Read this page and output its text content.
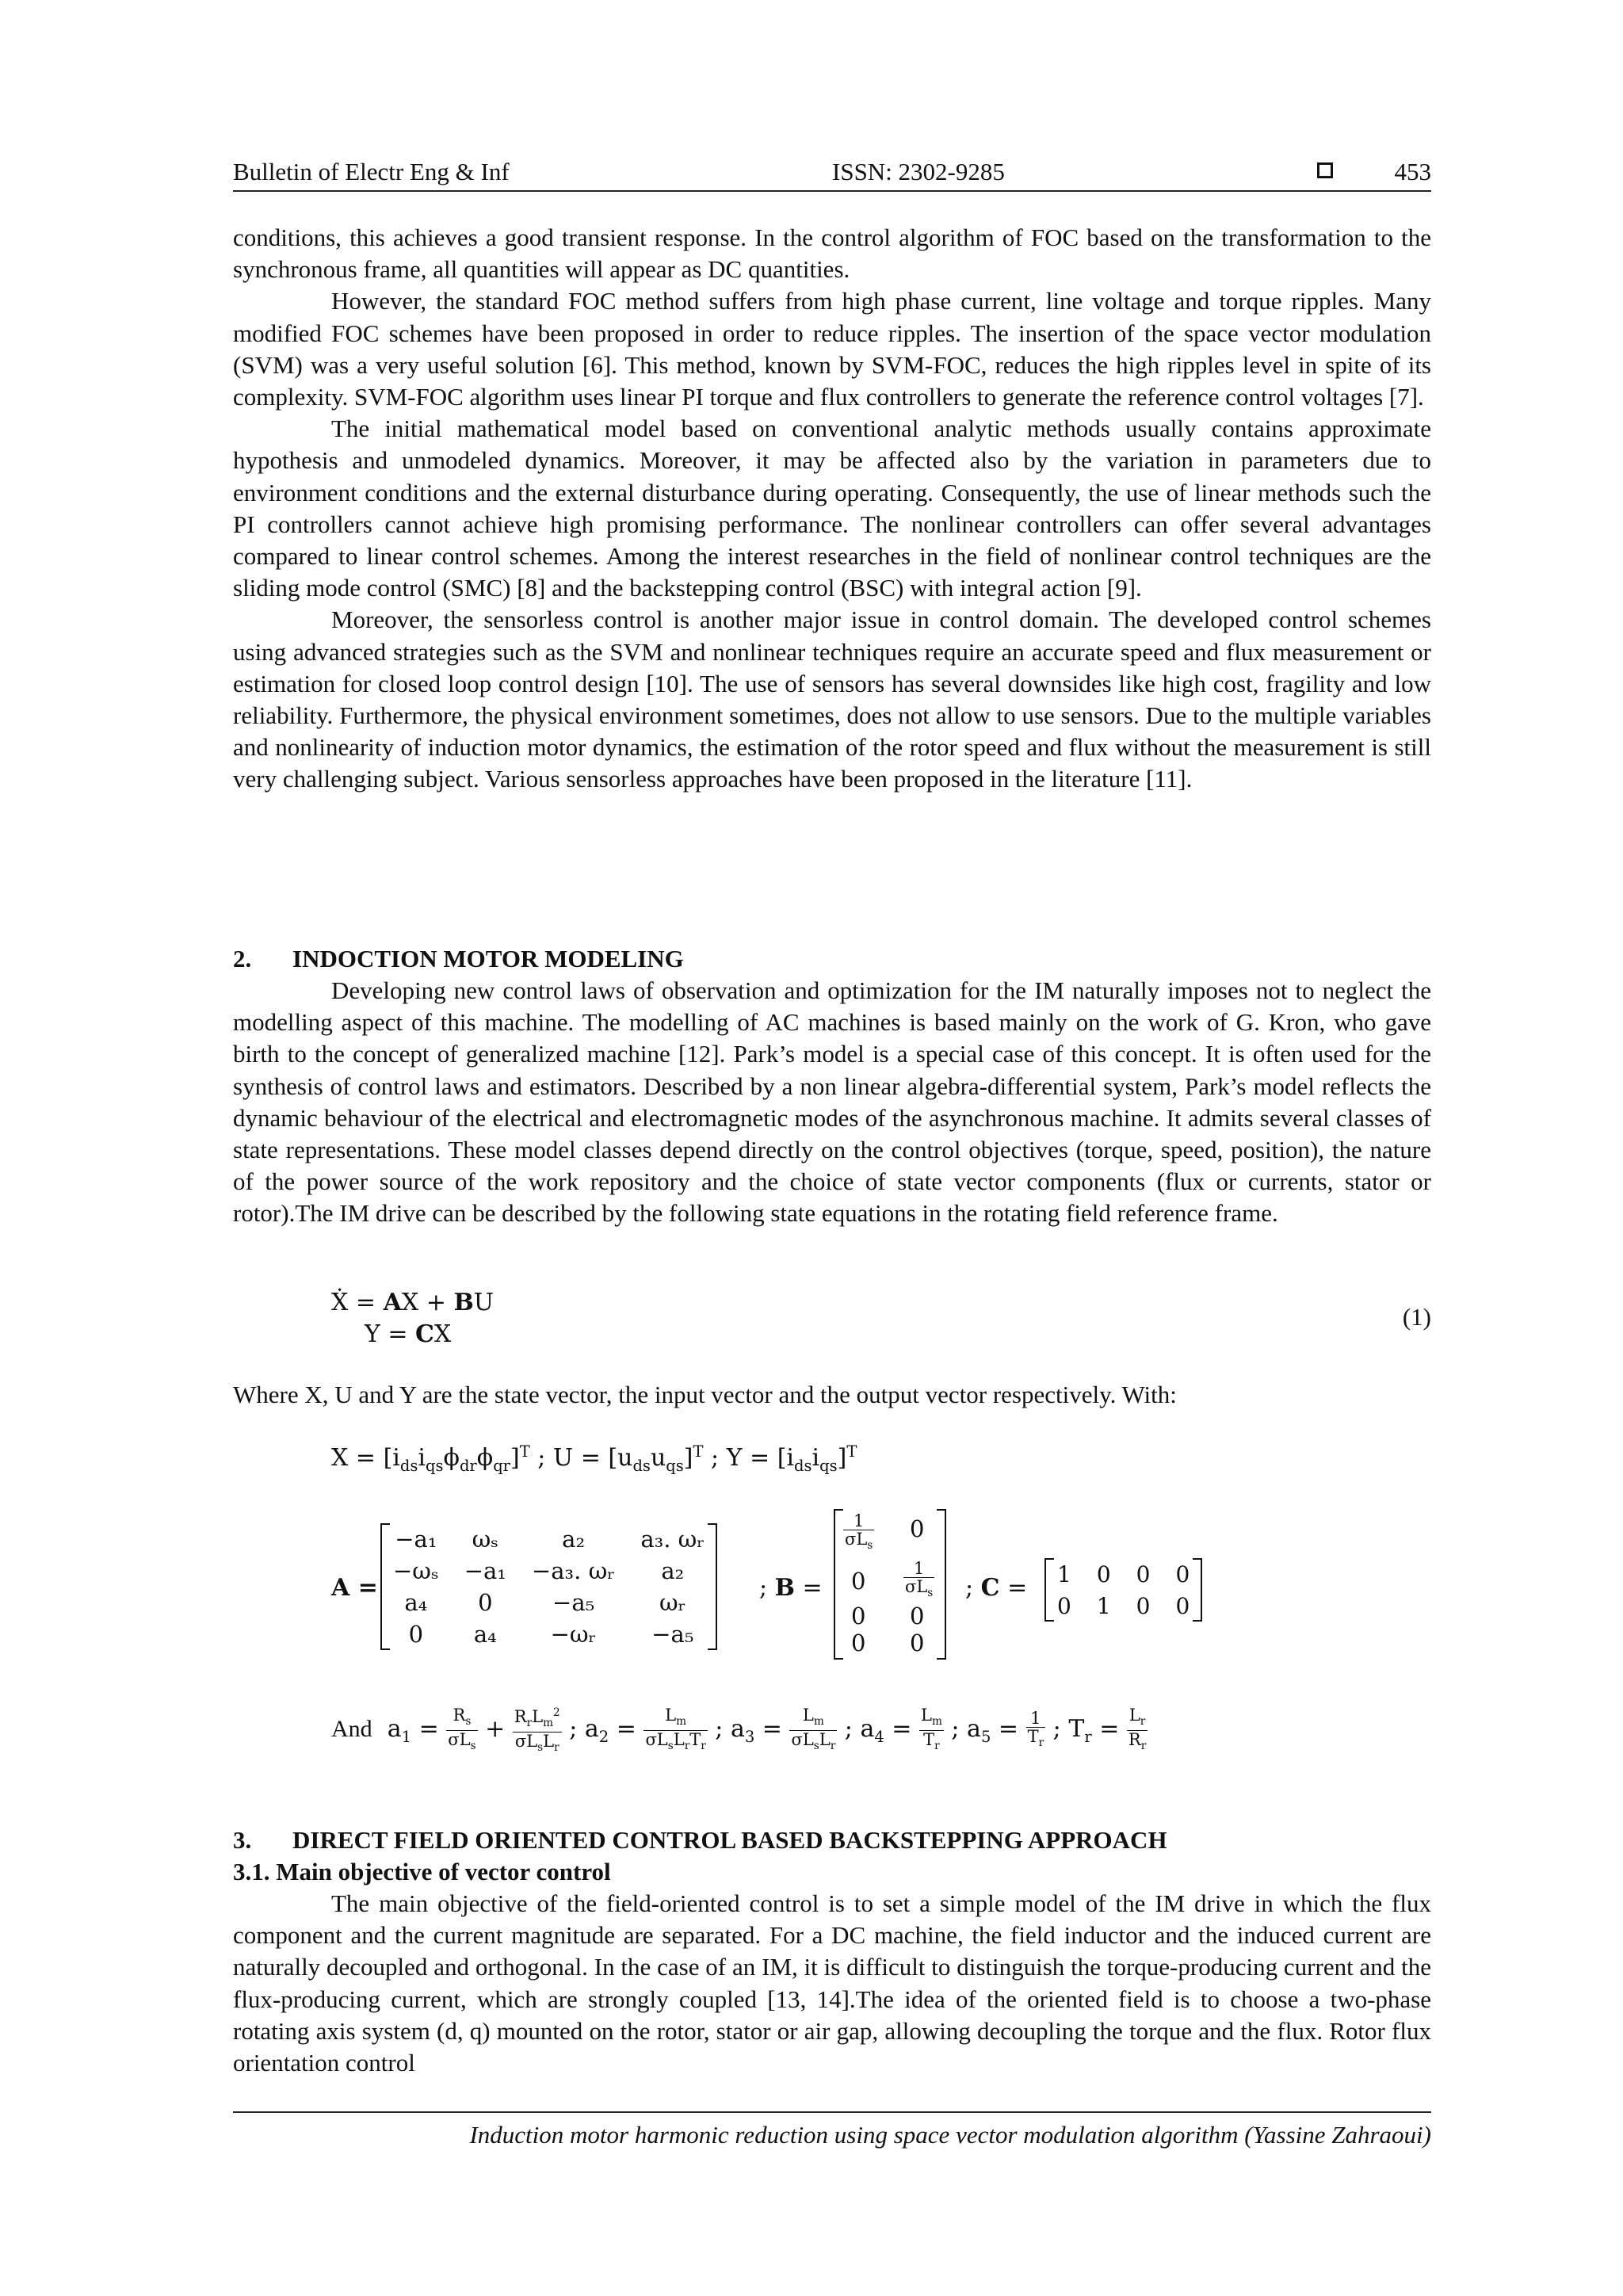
Bulletin of Electr Eng & Inf	ISSN: 2302-9285	453

conditions, this achieves a good transient response. In the control algorithm of FOC based on the transformation to the synchronous frame, all quantities will appear as DC quantities.

However, the standard FOC method suffers from high phase current, line voltage and torque ripples. Many modified FOC schemes have been proposed in order to reduce ripples. The insertion of the space vector modulation (SVM) was a very useful solution [6]. This method, known by SVM-FOC, reduces the high ripples level in spite of its complexity. SVM-FOC algorithm uses linear PI torque and flux controllers to generate the reference control voltages [7].

The initial mathematical model based on conventional analytic methods usually contains approximate hypothesis and unmodeled dynamics. Moreover, it may be affected also by the variation in parameters due to environment conditions and the external disturbance during operating. Consequently, the use of linear methods such the PI controllers cannot achieve high promising performance. The nonlinear controllers can offer several advantages compared to linear control schemes. Among the interest researches in the field of nonlinear control techniques are the sliding mode control (SMC) [8] and the backstepping control (BSC) with integral action [9].

Moreover, the sensorless control is another major issue in control domain. The developed control schemes using advanced strategies such as the SVM and nonlinear techniques require an accurate speed and flux measurement or estimation for closed loop control design [10]. The use of sensors has several downsides like high cost, fragility and low reliability. Furthermore, the physical environment sometimes, does not allow to use sensors. Due to the multiple variables and nonlinearity of induction motor dynamics, the estimation of the rotor speed and flux without the measurement is still very challenging subject. Various sensorless approaches have been proposed in the literature [11].

2. INDOCTION MOTOR MODELING

Developing new control laws of observation and optimization for the IM naturally imposes not to neglect the modelling aspect of this machine. The modelling of AC machines is based mainly on the work of G. Kron, who gave birth to the concept of generalized machine [12]. Park’s model is a special case of this concept. It is often used for the synthesis of control laws and estimators. Described by a non linear algebra-differential system, Park’s model reflects the dynamic behaviour of the electrical and electromagnetic modes of the asynchronous machine. It admits several classes of state representations. These model classes depend directly on the control objectives (torque, speed, position), the nature of the power source of the work repository and the choice of state vector components (flux or currents, stator or rotor).The IM drive can be described by the following state equations in the rotating field reference frame.

Ẋ = AX + BU
Y = CX
(1)

Where X, U and Y are the state vector, the input vector and the output vector respectively. With:

$X = [i_{ds}i_{qs}\phi_{dr}\phi_{qr}]^T$ ; $U = [u_{ds}u_{qs}]^T$ ; $Y = [i_{ds}i_{qs}]^T$
A =
−a₁	ωₛ	a₂	a₃. ωᵣ
−ωₛ	−a₁	−a₃. ωᵣ	a₂
a₄	0	−a₅	ωᵣ
0	a₄	−ωᵣ	−a₅
; B =
$\frac{1}{\sigma L_s} 0$
$0 \frac{1}{\sigma L_s}$
0 0
0 0
; C = 1	0	0	0
0	1	0	0
And  $a_1 = \frac{R_s}{\sigma L_s} + \frac{R_rL_m^2}{\sigma L_sL_r}$ ; $a_2 = \frac{L_m}{\sigma L_sL_rT_r}$ ; $a_3 = \frac{L_m}{\sigma L_sL_r}$ ; $a_4 = \frac{L_m}{T_r}$ ; $a_5 = \frac{1}{T_r}$ ; $T_r = \frac{L_r}{R_r}$
3. DIRECT FIELD ORIENTED CONTROL BASED BACKSTEPPING APPROACH
3.1. Main objective of vector control

The main objective of the field-oriented control is to set a simple model of the IM drive in which the flux component and the current magnitude are separated. For a DC machine, the field inductor and the induced current are naturally decoupled and orthogonal. In the case of an IM, it is difficult to distinguish the torque-producing current and the flux-producing current, which are strongly coupled [13, 14].The idea of the oriented field is to choose a two-phase rotating axis system (d, q) mounted on the rotor, stator or air gap, allowing decoupling the torque and the flux. Rotor flux orientation control

Induction motor harmonic reduction using space vector modulation algorithm (Yassine Zahraoui)
